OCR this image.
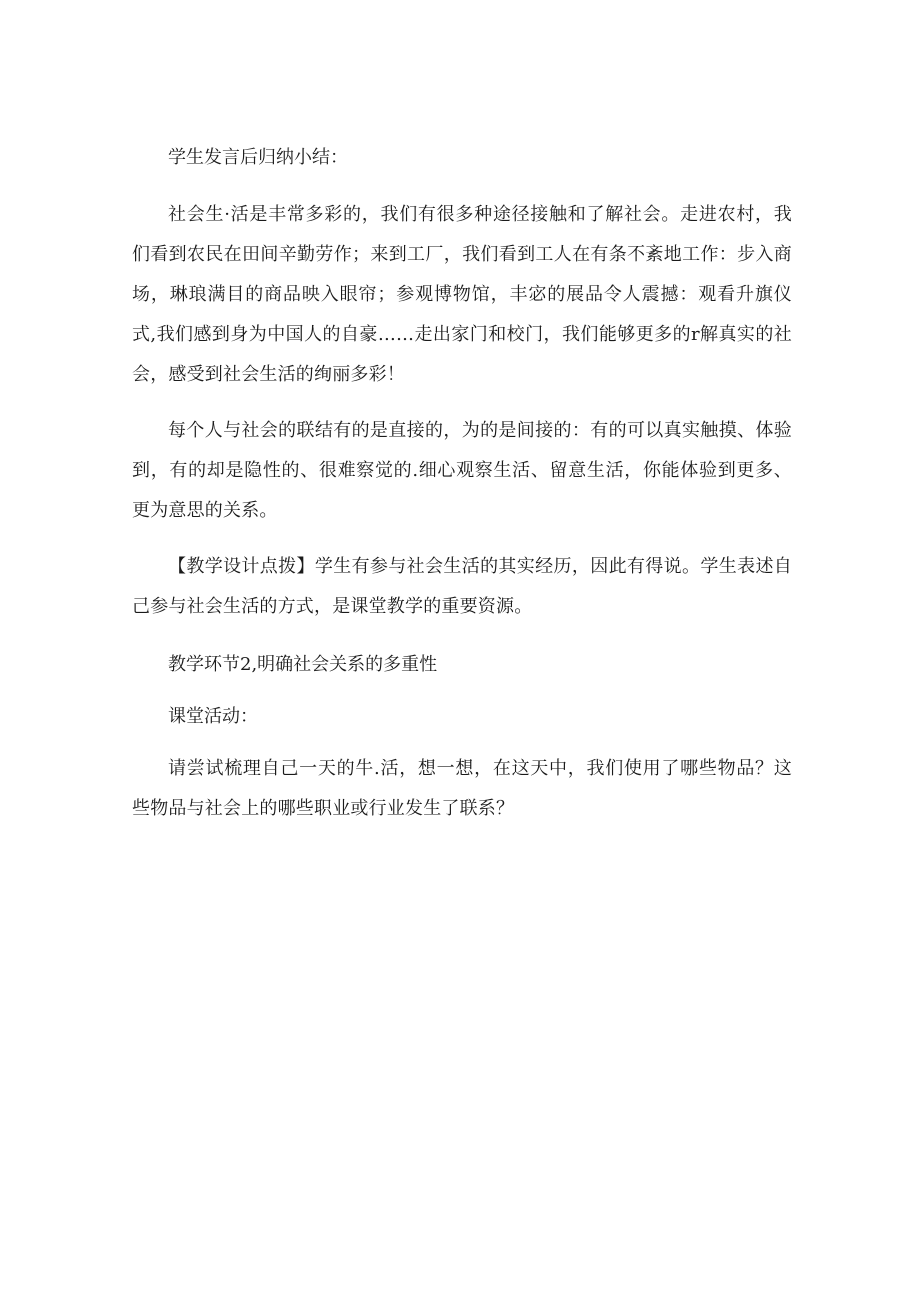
学生发言后归纳小结：

社会生·活是丰常多彩的，我们有很多种途径接触和了解社会。走进农村，我们看到农民在田间辛勤劳作；来到工厂，我们看到工人在有条不紊地工作：步入商场，琳琅满目的商品映入眼帘；参观博物馆，丰宓的展品令人震撼：观看升旗仪式,我们感到身为中国人的自豪……走出家门和校门，我们能够更多的r解真实的社会，感受到社会生活的绚丽多彩！

每个人与社会的联结有的是直接的，为的是间接的：有的可以真实触摸、体验到，有的却是隐性的、很难察觉的.细心观察生活、留意生活，你能体验到更多、更为意思的关系。

【教学设计点拨】学生有参与社会生活的其实经历，因此有得说。学生表述自己参与社会生活的方式，是课堂教学的重要资源。

教学环节2,明确社会关系的多重性

课堂活动：

请尝试梳理自己一天的牛.活，想一想，在这天中，我们使用了哪些物品？这些物品与社会上的哪些职业或行业发生了联系？
